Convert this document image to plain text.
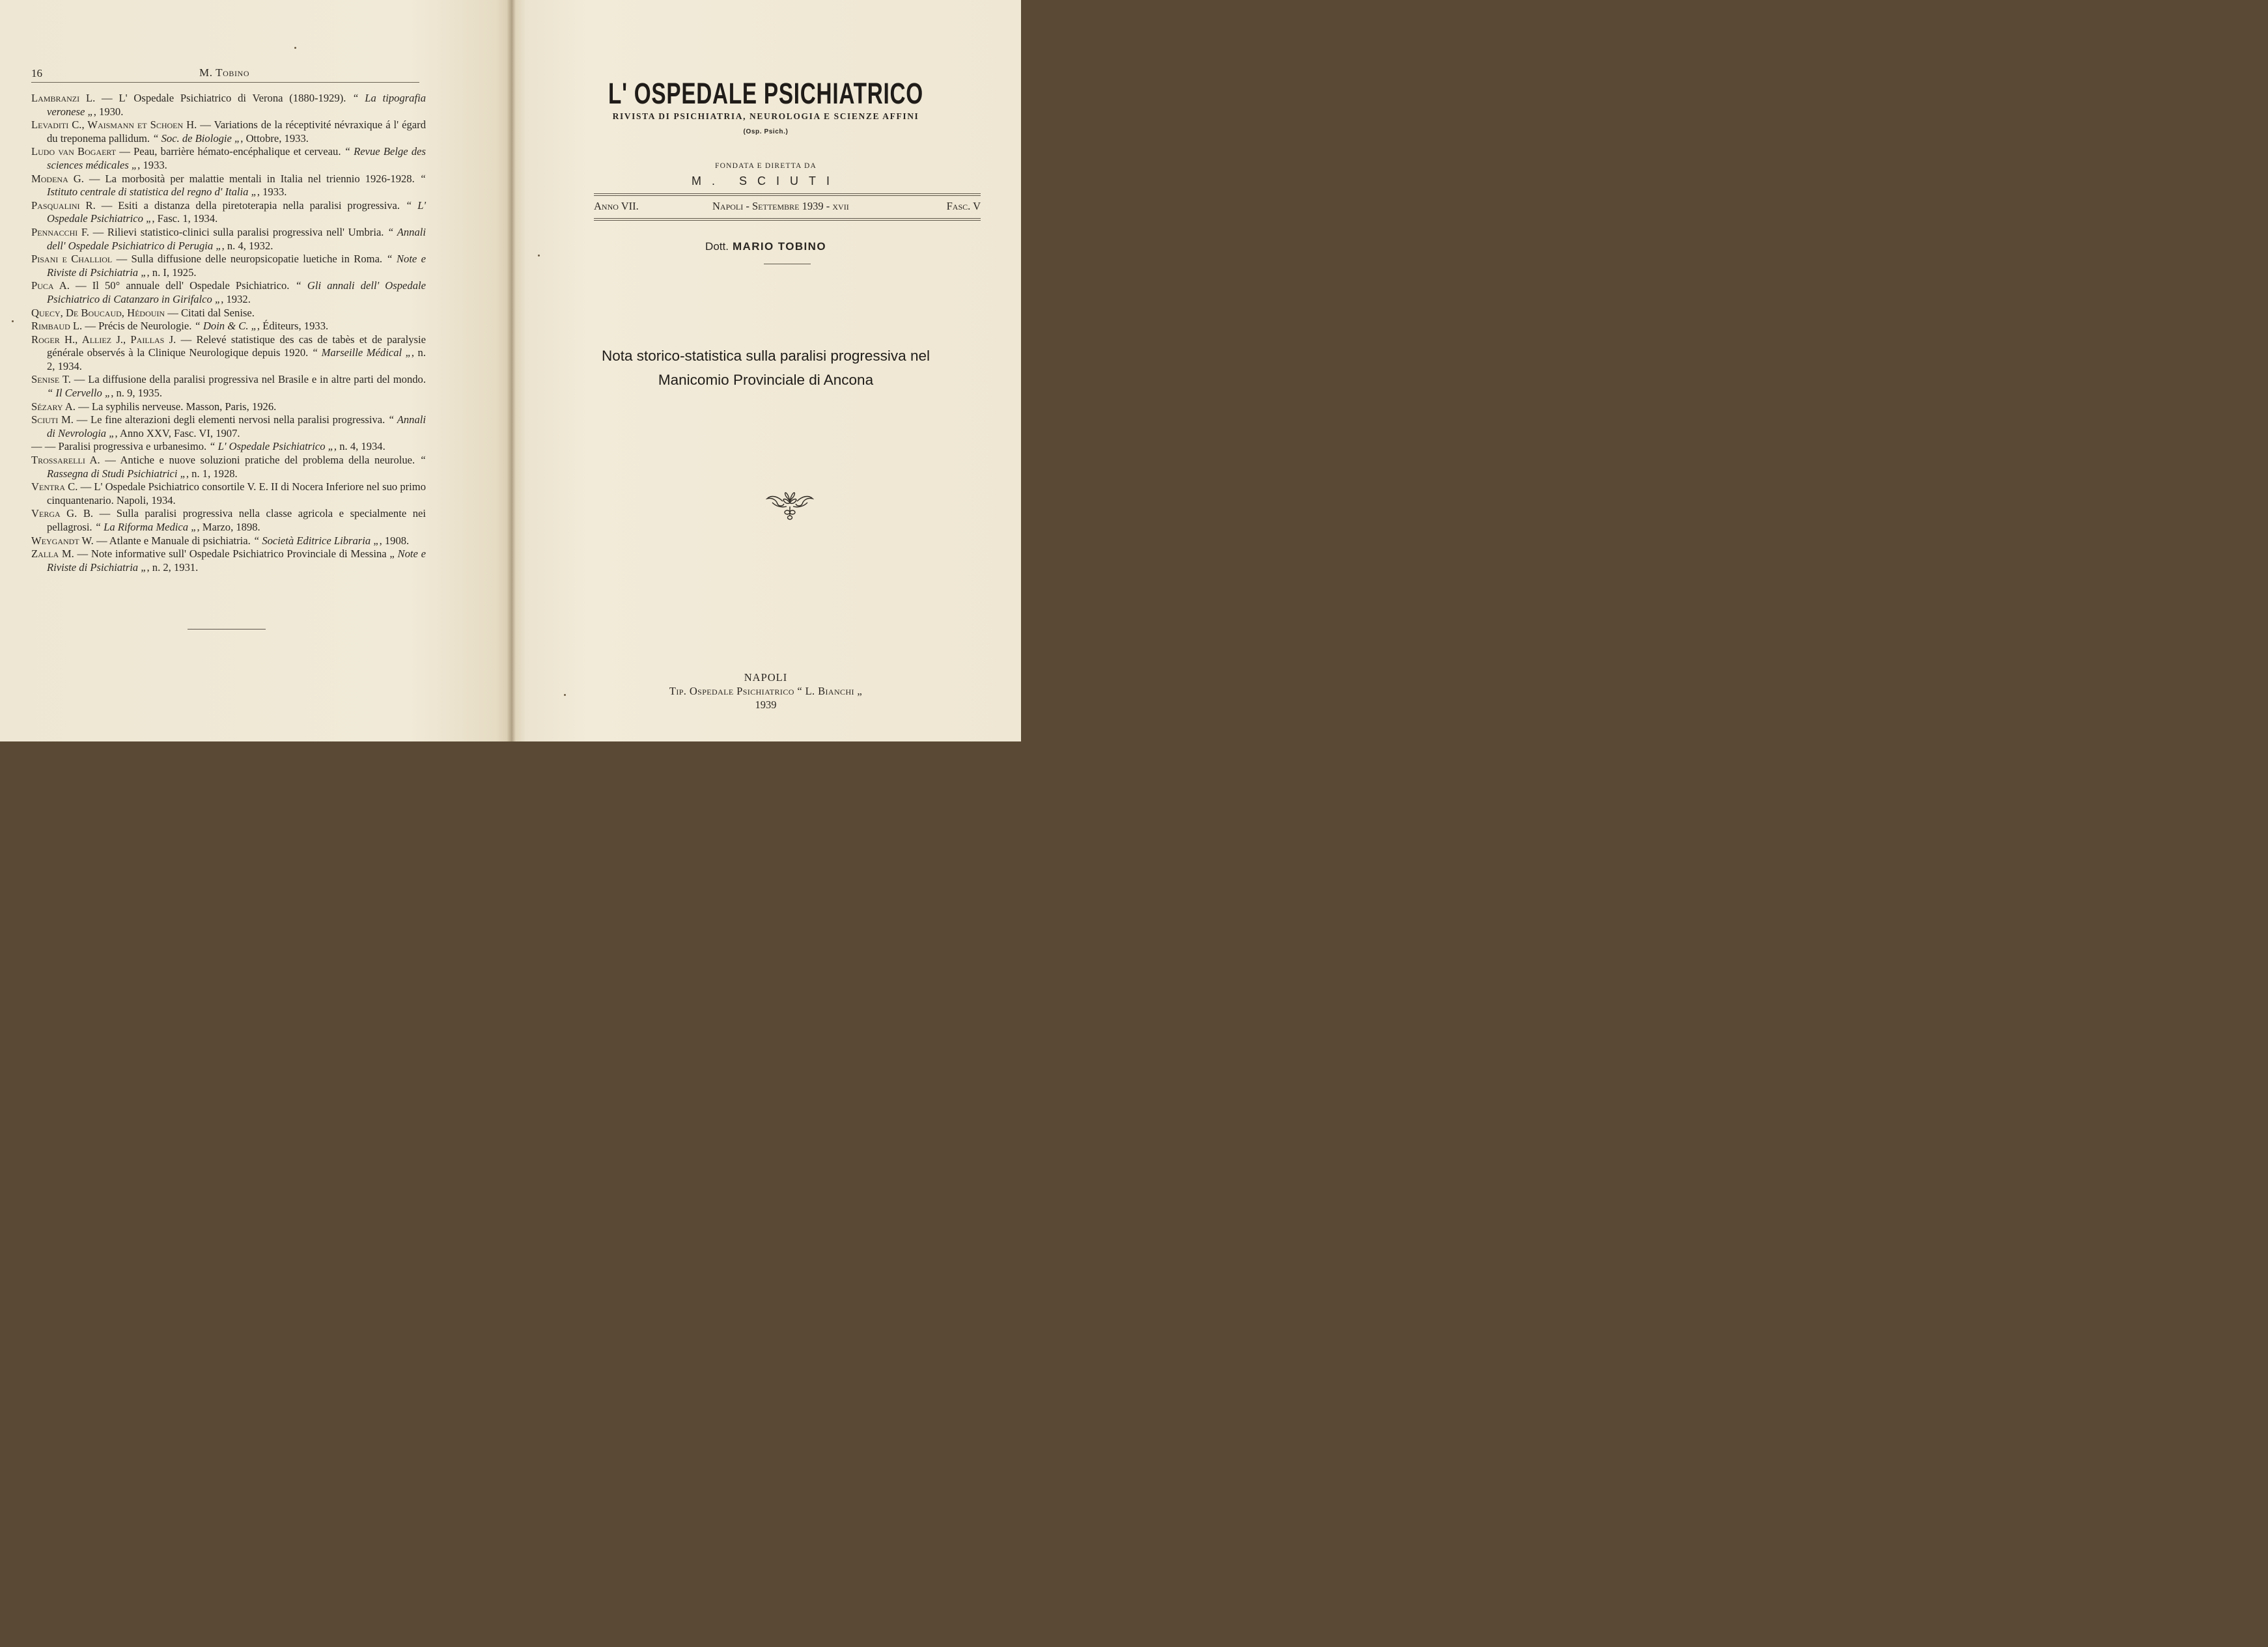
16	M. Tobino

Lambranzi L. — L' Ospedale Psichiatrico di Verona (1880-1929). “ La tipografia veronese „, 1930.

Levaditi C., Waismann et Schoen H. — Variations de la réceptivité névraxique á l' égard du treponema pallidum. “ Soc. de Biologie „, Ottobre, 1933.

Ludo van Bogaert — Peau, barrière hémato-encéphalique et cerveau. “ Revue Belge des sciences médicales „, 1933.

Modena G. — La morbosità per malattie mentali in Italia nel triennio 1926-1928. “ Istituto centrale di statistica del regno d' Italia „, 1933.

Pasqualini R. — Esiti a distanza della piretoterapia nella paralisi progressiva. “ L' Ospedale Psichiatrico „, Fasc. 1, 1934.

Pennacchi F. — Rilievi statistico-clinici sulla paralisi progressiva nell' Umbria. “ Annali dell' Ospedale Psichiatrico di Perugia „, n. 4, 1932.

Pisani e Challiol — Sulla diffusione delle neuropsicopatie luetiche in Roma. “ Note e Riviste di Psichiatria „, n. I, 1925.

Puca A. — Il 50° annuale dell' Ospedale Psichiatrico. “ Gli annali dell' Ospedale Psichiatrico di Catanzaro in Girifalco „, 1932.

Quecy, De Boucaud, Hédouin — Citati dal Senise.

Rimbaud L. — Précis de Neurologie. “ Doin & C. „, Éditeurs, 1933.

Roger H., Alliez J., Paillas J. — Relevé statistique des cas de tabès et de paralysie générale observés à la Clinique Neurologique depuis 1920. “ Marseille Médical „, n. 2, 1934.

Senise T. — La diffusione della paralisi progressiva nel Brasile e in altre parti del mondo. “ Il Cervello „, n. 9, 1935.

Sézary A. — La syphilis nerveuse. Masson, Paris, 1926.

Sciuti M. — Le fine alterazioni degli elementi nervosi nella paralisi progressiva. “ Annali di Nevrologia „, Anno XXV, Fasc. VI, 1907.

— — Paralisi progressiva e urbanesimo. “ L' Ospedale Psichiatrico „, n. 4, 1934.

Trossarelli A. — Antiche e nuove soluzioni pratiche del problema della neurolue. “ Rassegna di Studi Psichiatrici „, n. 1, 1928.

Ventra C. — L' Ospedale Psichiatrico consortile V. E. II di Nocera Inferiore nel suo primo cinquantenario. Napoli, 1934.

Verga G. B. — Sulla paralisi progressiva nella classe agricola e specialmente nei pellagrosi. “ La Riforma Medica „, Marzo, 1898.

Weygandt W. — Atlante e Manuale di psichiatria. “ Società Editrice Libraria „, 1908.

Zalla M. — Note informative sull' Ospedale Psichiatrico Provinciale di Messina „ Note e Riviste di Psichiatria „, n. 2, 1931.

L' OSPEDALE PSICHIATRICO
RIVISTA DI PSICHIATRIA, NEUROLOGIA E SCIENZE AFFINI
(Osp. Psich.)
FONDATA E DIRETTA DA
M. SCIUTI
Anno VII.	Napoli - Settembre 1939 - xvii	Fasc. V
Dott. MARIO TOBINO
Nota storico-statistica sulla paralisi progressiva nel
Manicomio Provinciale di Ancona
NAPOLI
Tip. Ospedale Psichiatrico “ L. Bianchi „
1939
